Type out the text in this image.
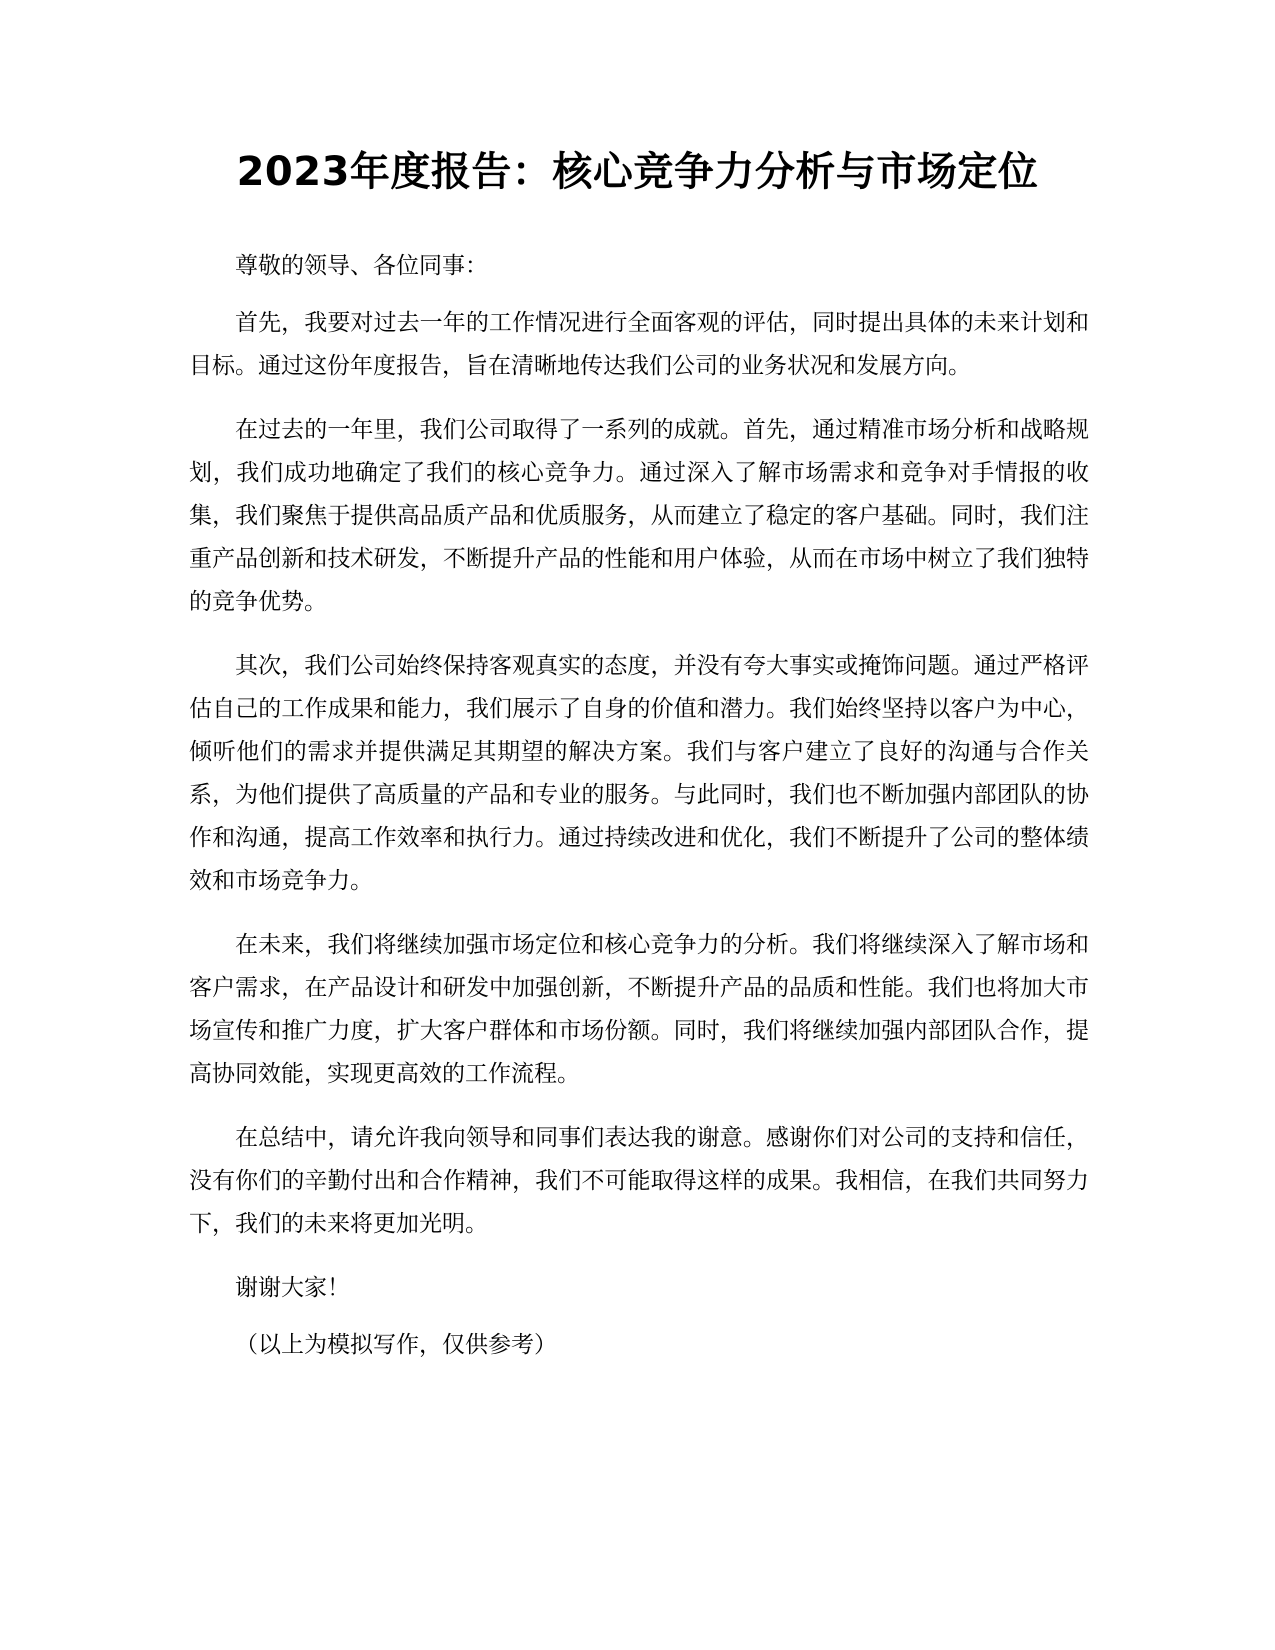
2023年度报告：核心竞争力分析与市场定位

尊敬的领导、各位同事：

首先，我要对过去一年的工作情况进行全面客观的评估，同时提出具体的未来计划和目标。通过这份年度报告，旨在清晰地传达我们公司的业务状况和发展方向。

在过去的一年里，我们公司取得了一系列的成就。首先，通过精准市场分析和战略规划，我们成功地确定了我们的核心竞争力。通过深入了解市场需求和竞争对手情报的收集，我们聚焦于提供高品质产品和优质服务，从而建立了稳定的客户基础。同时，我们注重产品创新和技术研发，不断提升产品的性能和用户体验，从而在市场中树立了我们独特的竞争优势。

其次，我们公司始终保持客观真实的态度，并没有夸大事实或掩饰问题。通过严格评估自己的工作成果和能力，我们展示了自身的价值和潜力。我们始终坚持以客户为中心，倾听他们的需求并提供满足其期望的解决方案。我们与客户建立了良好的沟通与合作关系，为他们提供了高质量的产品和专业的服务。与此同时，我们也不断加强内部团队的协作和沟通，提高工作效率和执行力。通过持续改进和优化，我们不断提升了公司的整体绩效和市场竞争力。

在未来，我们将继续加强市场定位和核心竞争力的分析。我们将继续深入了解市场和客户需求，在产品设计和研发中加强创新，不断提升产品的品质和性能。我们也将加大市场宣传和推广力度，扩大客户群体和市场份额。同时，我们将继续加强内部团队合作，提高协同效能，实现更高效的工作流程。

在总结中，请允许我向领导和同事们表达我的谢意。感谢你们对公司的支持和信任，没有你们的辛勤付出和合作精神，我们不可能取得这样的成果。我相信，在我们共同努力下，我们的未来将更加光明。

谢谢大家！

（以上为模拟写作，仅供参考）
